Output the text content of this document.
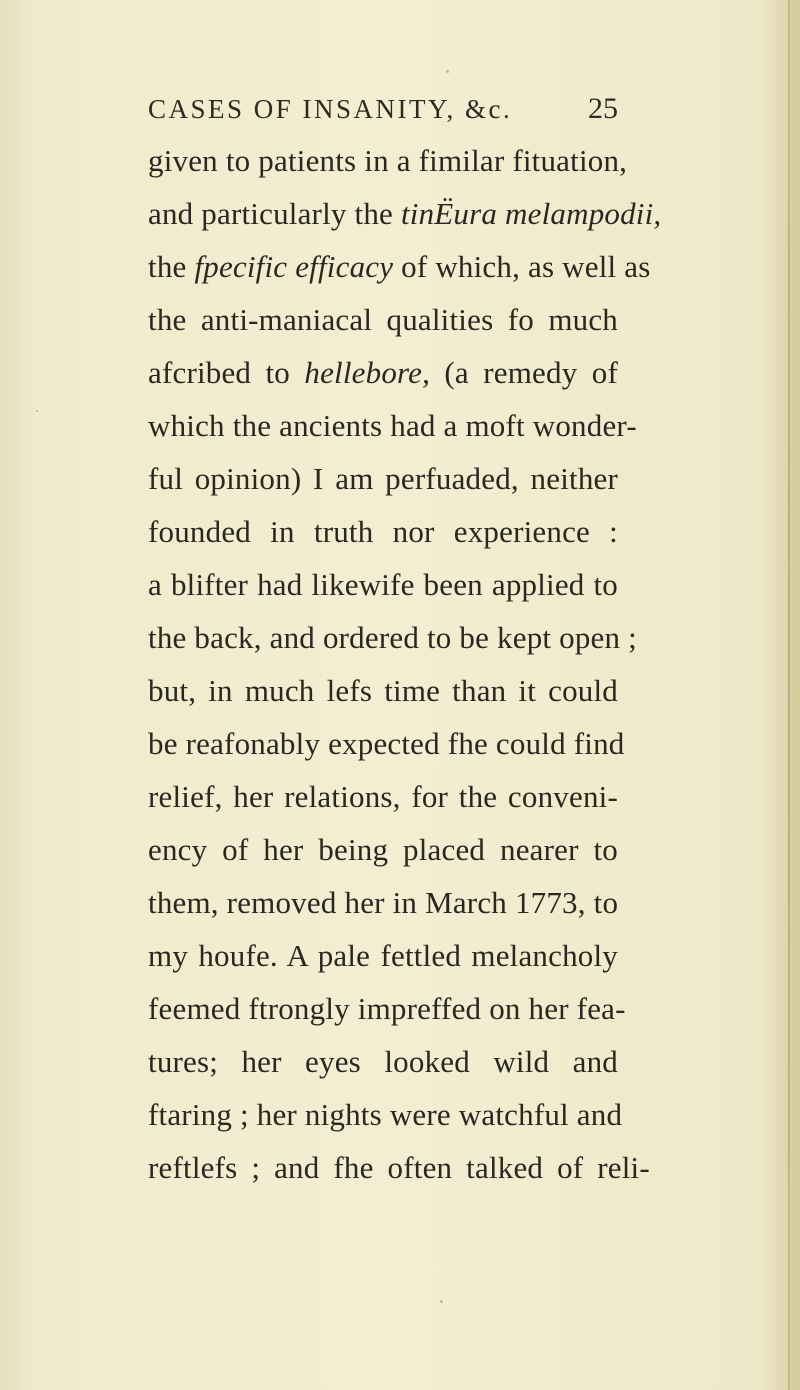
CASES OF INSANITY, &c.	25
given to patients in a fimilar fituation,
and particularly the tinЁura melampodii,
the fpecific efficacy of which, as well as
the anti-maniacal qualities fo much
afcribed to hellebore, (a remedy of
which the ancients had a moft wonder-
ful opinion) I am perfuaded, neither
founded in truth nor experience :
a blifter had likewife been applied to
the back, and ordered to be kept open ;
but, in much lefs time than it could
be reafonably expected fhe could find
relief, her relations, for the conveni-
ency of her being placed nearer to
them, removed her in March 1773, to
my houfe. A pale fettled melancholy
feemed ftrongly impreffed on her fea-
tures; her eyes looked wild and
ftaring ; her nights were watchful and
reftlefs ; and fhe often talked of reli-
